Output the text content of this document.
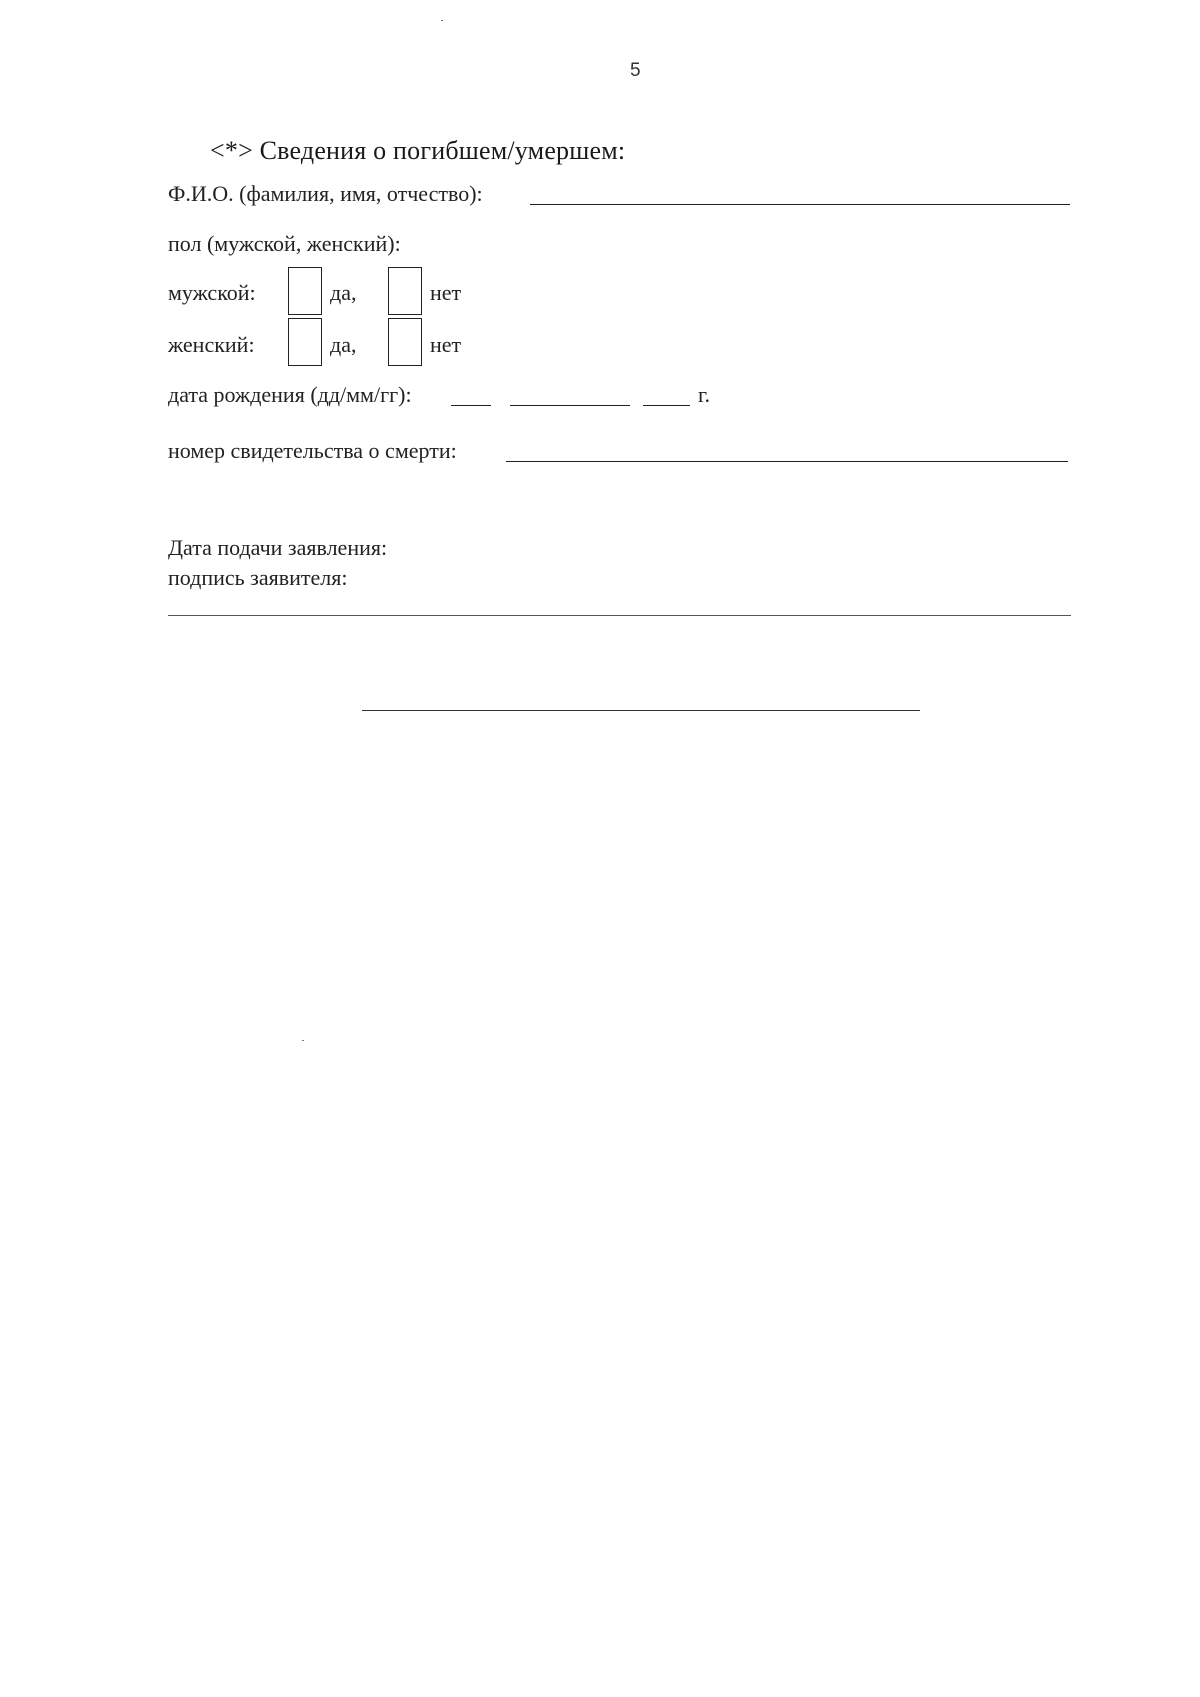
5
<*> Сведения о погибшем/умершем:
Ф.И.О. (фамилия, имя, отчество):
пол (мужской, женский):
мужской:	да,	нет
женский:	да,	нет
дата рождения (дд/мм/гг):	г.
номер свидетельства о смерти:
Дата подачи заявления:
подпись заявителя:
